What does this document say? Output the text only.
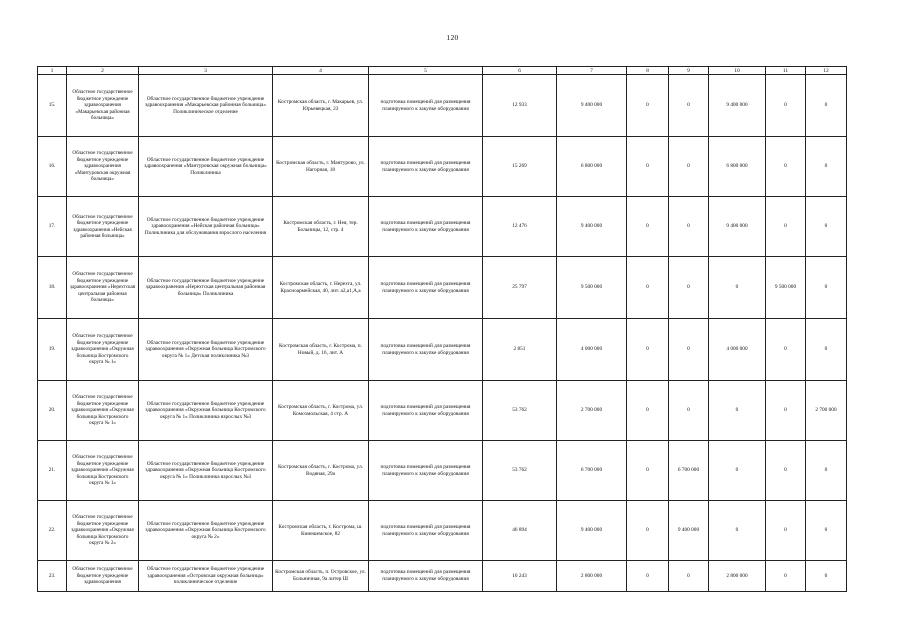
120
1	2	3	4	5	6	7	8	9	10	11	12
15.	Областное государственное бюджетное учреждение здравоохранения «Макарьевская районная больница»	Областное государственное бюджетное учреждение здравоохранения «Макарьевская районная больница» Поликлиническое отделение	Костромская область, г. Макарьев, ул. Юрьевецкая, 23	подготовка помещений для размещения планируемого к закупке оборудования	12 933	9 400 000	0	0	9 400 000	0	0
16.	Областное государственное бюджетное учреждение здравоохранения «Мантуровская окружная больница»	Областное государственное бюджетное учреждение здравоохранения «Мантуровская окружная больница» Поликлиника	Костромская область, г. Мантурово, ул. Нагорная, 18	подготовка помещений для размещения планируемого к закупке оборудования	15 269	6 800 000	0	0	6 800 000	0	0
17.	Областное государственное бюджетное учреждение здравоохранения «Нейская районная больница»	Областное государственное бюджетное учреждение здравоохранения «Нейская районная больница» Поликлиника для обслуживания взрослого населения	Костромская область, г. Нея, тер. Больницы, 12, стр. 4	подготовка помещений для размещения планируемого к закупке оборудования	12 476	9 400 000	0	0	9 400 000	0	0
18.	Областное государственное бюджетное учреждение здравоохранения «Нерехтская центральная районная больница»	Областное государственное бюджетное учреждение здравоохранения «Нерехтская центральная районная больница» Поликлиника	Костромская область, г. Нерехта, ул. Красноармейская, 40, лит. а2,а1,А,а	подготовка помещений для размещения планируемого к закупке оборудования	25 797	9 500 000	0	0	0	9 500 000	0
19.	Областное государственное бюджетное учреждение здравоохранения «Окружная больница Костромского округа № 1»	Областное государственное бюджетное учреждение здравоохранения «Окружная больница Костромского округа № 1» Детская поликлиника №3	Костромская область, г. Кострома, п. Новый, д. 16, лит. А	подготовка помещений для размещения планируемого к закупке оборудования	2 851	4 000 000	0	0	4 000 000	0	0
20.	Областное государственное бюджетное учреждение здравоохранения «Окружная больница Костромского округа № 1»	Областное государственное бюджетное учреждение здравоохранения «Окружная больница Костромского округа № 1» Поликлиника взрослых №3	Костромская область, г. Кострома, ул. Комсомольская, 4 стр. А	подготовка помещений для размещения планируемого к закупке оборудования	53 762	2 700 000	0	0	0	0	2 700 000
21.	Областное государственное бюджетное учреждение здравоохранения «Окружная больница Костромского округа № 1»	Областное государственное бюджетное учреждение здравоохранения «Окружная больница Костромского округа № 1» Поликлиника взрослых №3	Костромская область, г. Кострома, ул. Водяная, 29а	подготовка помещений для размещения планируемого к закупке оборудования	53 762	6 700 000	0	6 700 000	0	0	0
22.	Областное государственное бюджетное учреждение здравоохранения «Окружная больница Костромского округа № 2»	Областное государственное бюджетное учреждение здравоохранения «Окружная больница Костромского округа № 2»	Костромская область, г. Кострома, ш. Кинешемское, 82	подготовка помещений для размещения планируемого к закупке оборудования	46 894	9 400 000	0	9 400 000	0	0	0
23.	Областное государственное бюджетное учреждение здравоохранения	Областное государственное бюджетное учреждение здравоохранения «Островская окружная больница» поликлиническое отделение	Костромская область, п. Островское, ул. Больничная, 9а литер Ш	подготовка помещений для размещения планируемого к закупке оборудования	10 243	2 800 000	0	0	2 800 000	0	0
